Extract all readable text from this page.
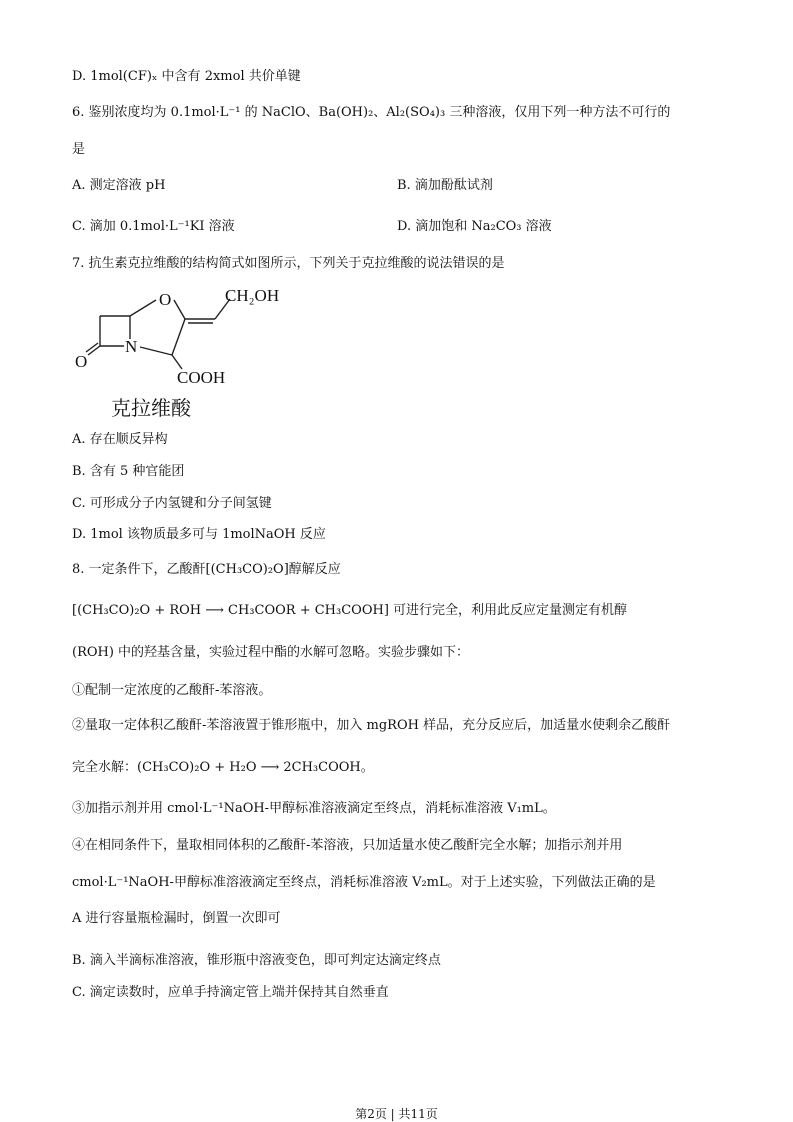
D. 1mol(CF)ₓ 中含有 2xmol 共价单键
6. 鉴别浓度均为 0.1mol·L⁻¹ 的 NaClO、Ba(OH)₂、Al₂(SO₄)₃ 三种溶液，仅用下列一种方法不可行的
是
A. 测定溶液 pH	B. 滴加酚酞试剂
C. 滴加 0.1mol·L⁻¹KI 溶液	D. 滴加饱和 Na₂CO₃ 溶液
7. 抗生素克拉维酸的结构简式如图所示，下列关于克拉维酸的说法错误的是
O
N
O
CH₂OH
COOH
克拉维酸
A. 存在顺反异构
B. 含有 5 种官能团
C. 可形成分子内氢键和分子间氢键
D. 1mol 该物质最多可与 1molNaOH 反应
8. 一定条件下，乙酸酐[(CH₃CO)₂O]醇解反应
[(CH₃CO)₂O + ROH ⟶ CH₃COOR + CH₃COOH] 可进行完全，利用此反应定量测定有机醇
(ROH) 中的羟基含量，实验过程中酯的水解可忽略。实验步骤如下：
①配制一定浓度的乙酸酐-苯溶液。
②量取一定体积乙酸酐-苯溶液置于锥形瓶中，加入 mgROH 样品，充分反应后，加适量水使剩余乙酸酐
完全水解：(CH₃CO)₂O + H₂O ⟶ 2CH₃COOH。
③加指示剂并用 cmol·L⁻¹NaOH-甲醇标准溶液滴定至终点，消耗标准溶液 V₁mL。
④在相同条件下，量取相同体积的乙酸酐-苯溶液，只加适量水使乙酸酐完全水解；加指示剂并用
cmol·L⁻¹NaOH-甲醇标准溶液滴定至终点，消耗标准溶液 V₂mL。对于上述实验，下列做法正确的是
A 进行容量瓶检漏时，倒置一次即可
B. 滴入半滴标准溶液，锥形瓶中溶液变色，即可判定达滴定终点
C. 滴定读数时，应单手持滴定管上端并保持其自然垂直
第2页 | 共11页
